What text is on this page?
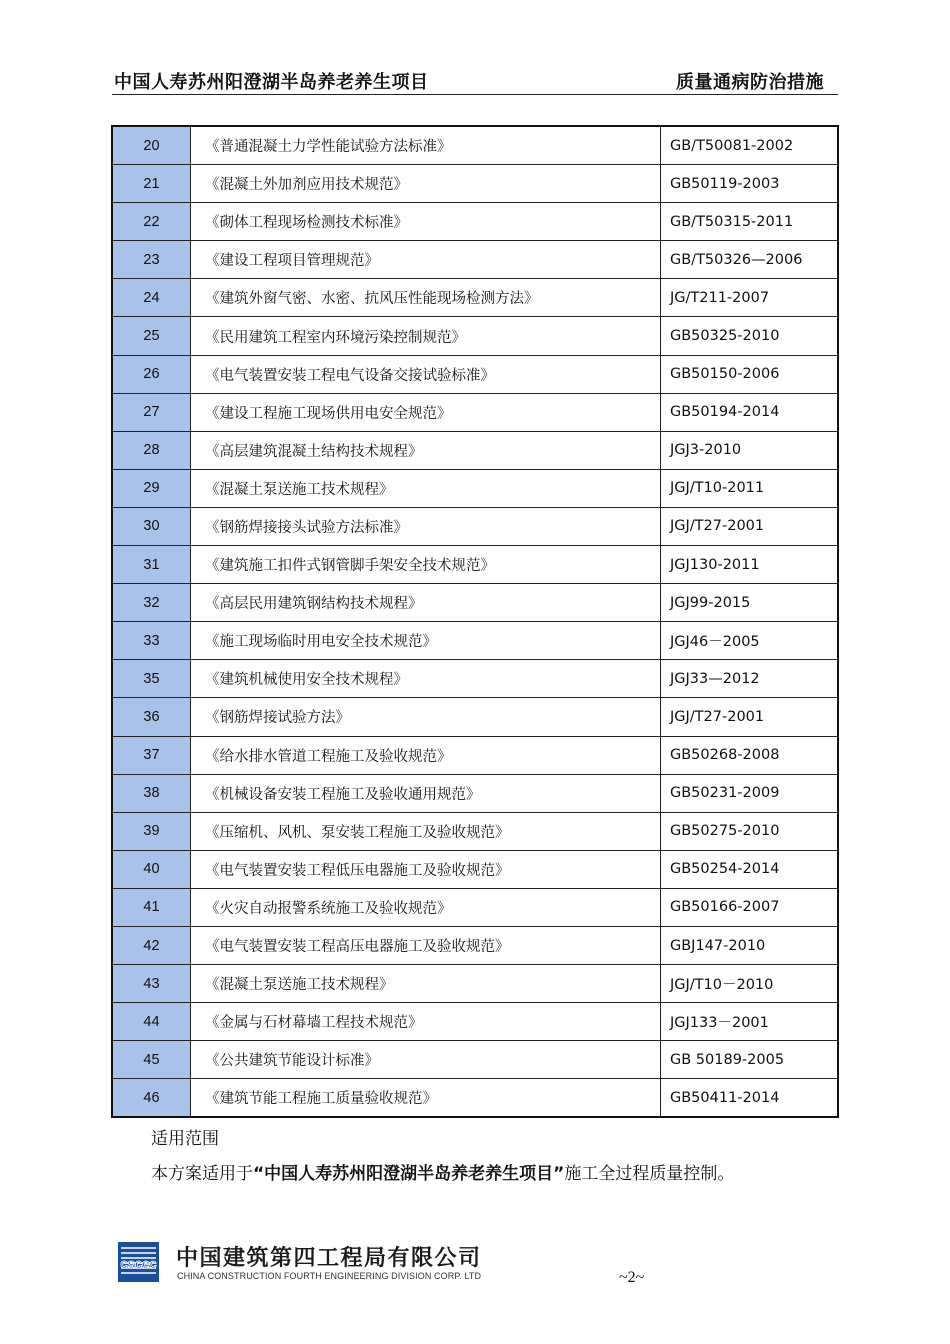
中国人寿苏州阳澄湖半岛养老养生项目	质量通病防治措施
20	《普通混凝土力学性能试验方法标准》	GB/T50081-2002
21	《混凝土外加剂应用技术规范》	GB50119-2003
22	《砌体工程现场检测技术标准》	GB/T50315-2011
23	《建设工程项目管理规范》	GB/T50326—2006
24	《建筑外窗气密、水密、抗风压性能现场检测方法》	JG/T211-2007
25	《民用建筑工程室内环境污染控制规范》	GB50325-2010
26	《电气装置安装工程电气设备交接试验标准》	GB50150-2006
27	《建设工程施工现场供用电安全规范》	GB50194-2014
28	《高层建筑混凝土结构技术规程》	JGJ3-2010
29	《混凝土泵送施工技术规程》	JGJ/T10-2011
30	《钢筋焊接接头试验方法标准》	JGJ/T27-2001
31	《建筑施工扣件式钢管脚手架安全技术规范》	JGJ130-2011
32	《高层民用建筑钢结构技术规程》	JGJ99-2015
33	《施工现场临时用电安全技术规范》	JGJ46－2005
35	《建筑机械使用安全技术规程》	JGJ33—2012
36	《钢筋焊接试验方法》	JGJ/T27-2001
37	《给水排水管道工程施工及验收规范》	GB50268-2008
38	《机械设备安装工程施工及验收通用规范》	GB50231-2009
39	《压缩机、风机、泵安装工程施工及验收规范》	GB50275-2010
40	《电气装置安装工程低压电器施工及验收规范》	GB50254-2014
41	《火灾自动报警系统施工及验收规范》	GB50166-2007
42	《电气装置安装工程高压电器施工及验收规范》	GBJ147-2010
43	《混凝土泵送施工技术规程》	JGJ/T10－2010
44	《金属与石材幕墙工程技术规范》	JGJ133－2001
45	《公共建筑节能设计标准》	GB 50189-2005
46	《建筑节能工程施工质量验收规范》	GB50411-2014
适用范围
本方案适用于“中国人寿苏州阳澄湖半岛养老养生项目”施工全过程质量控制。
cscec 中国建筑第四工程局有限公司
CHINA CONSTRUCTION FOURTH ENGINEERING DIVISION CORP. LTD	~2~
